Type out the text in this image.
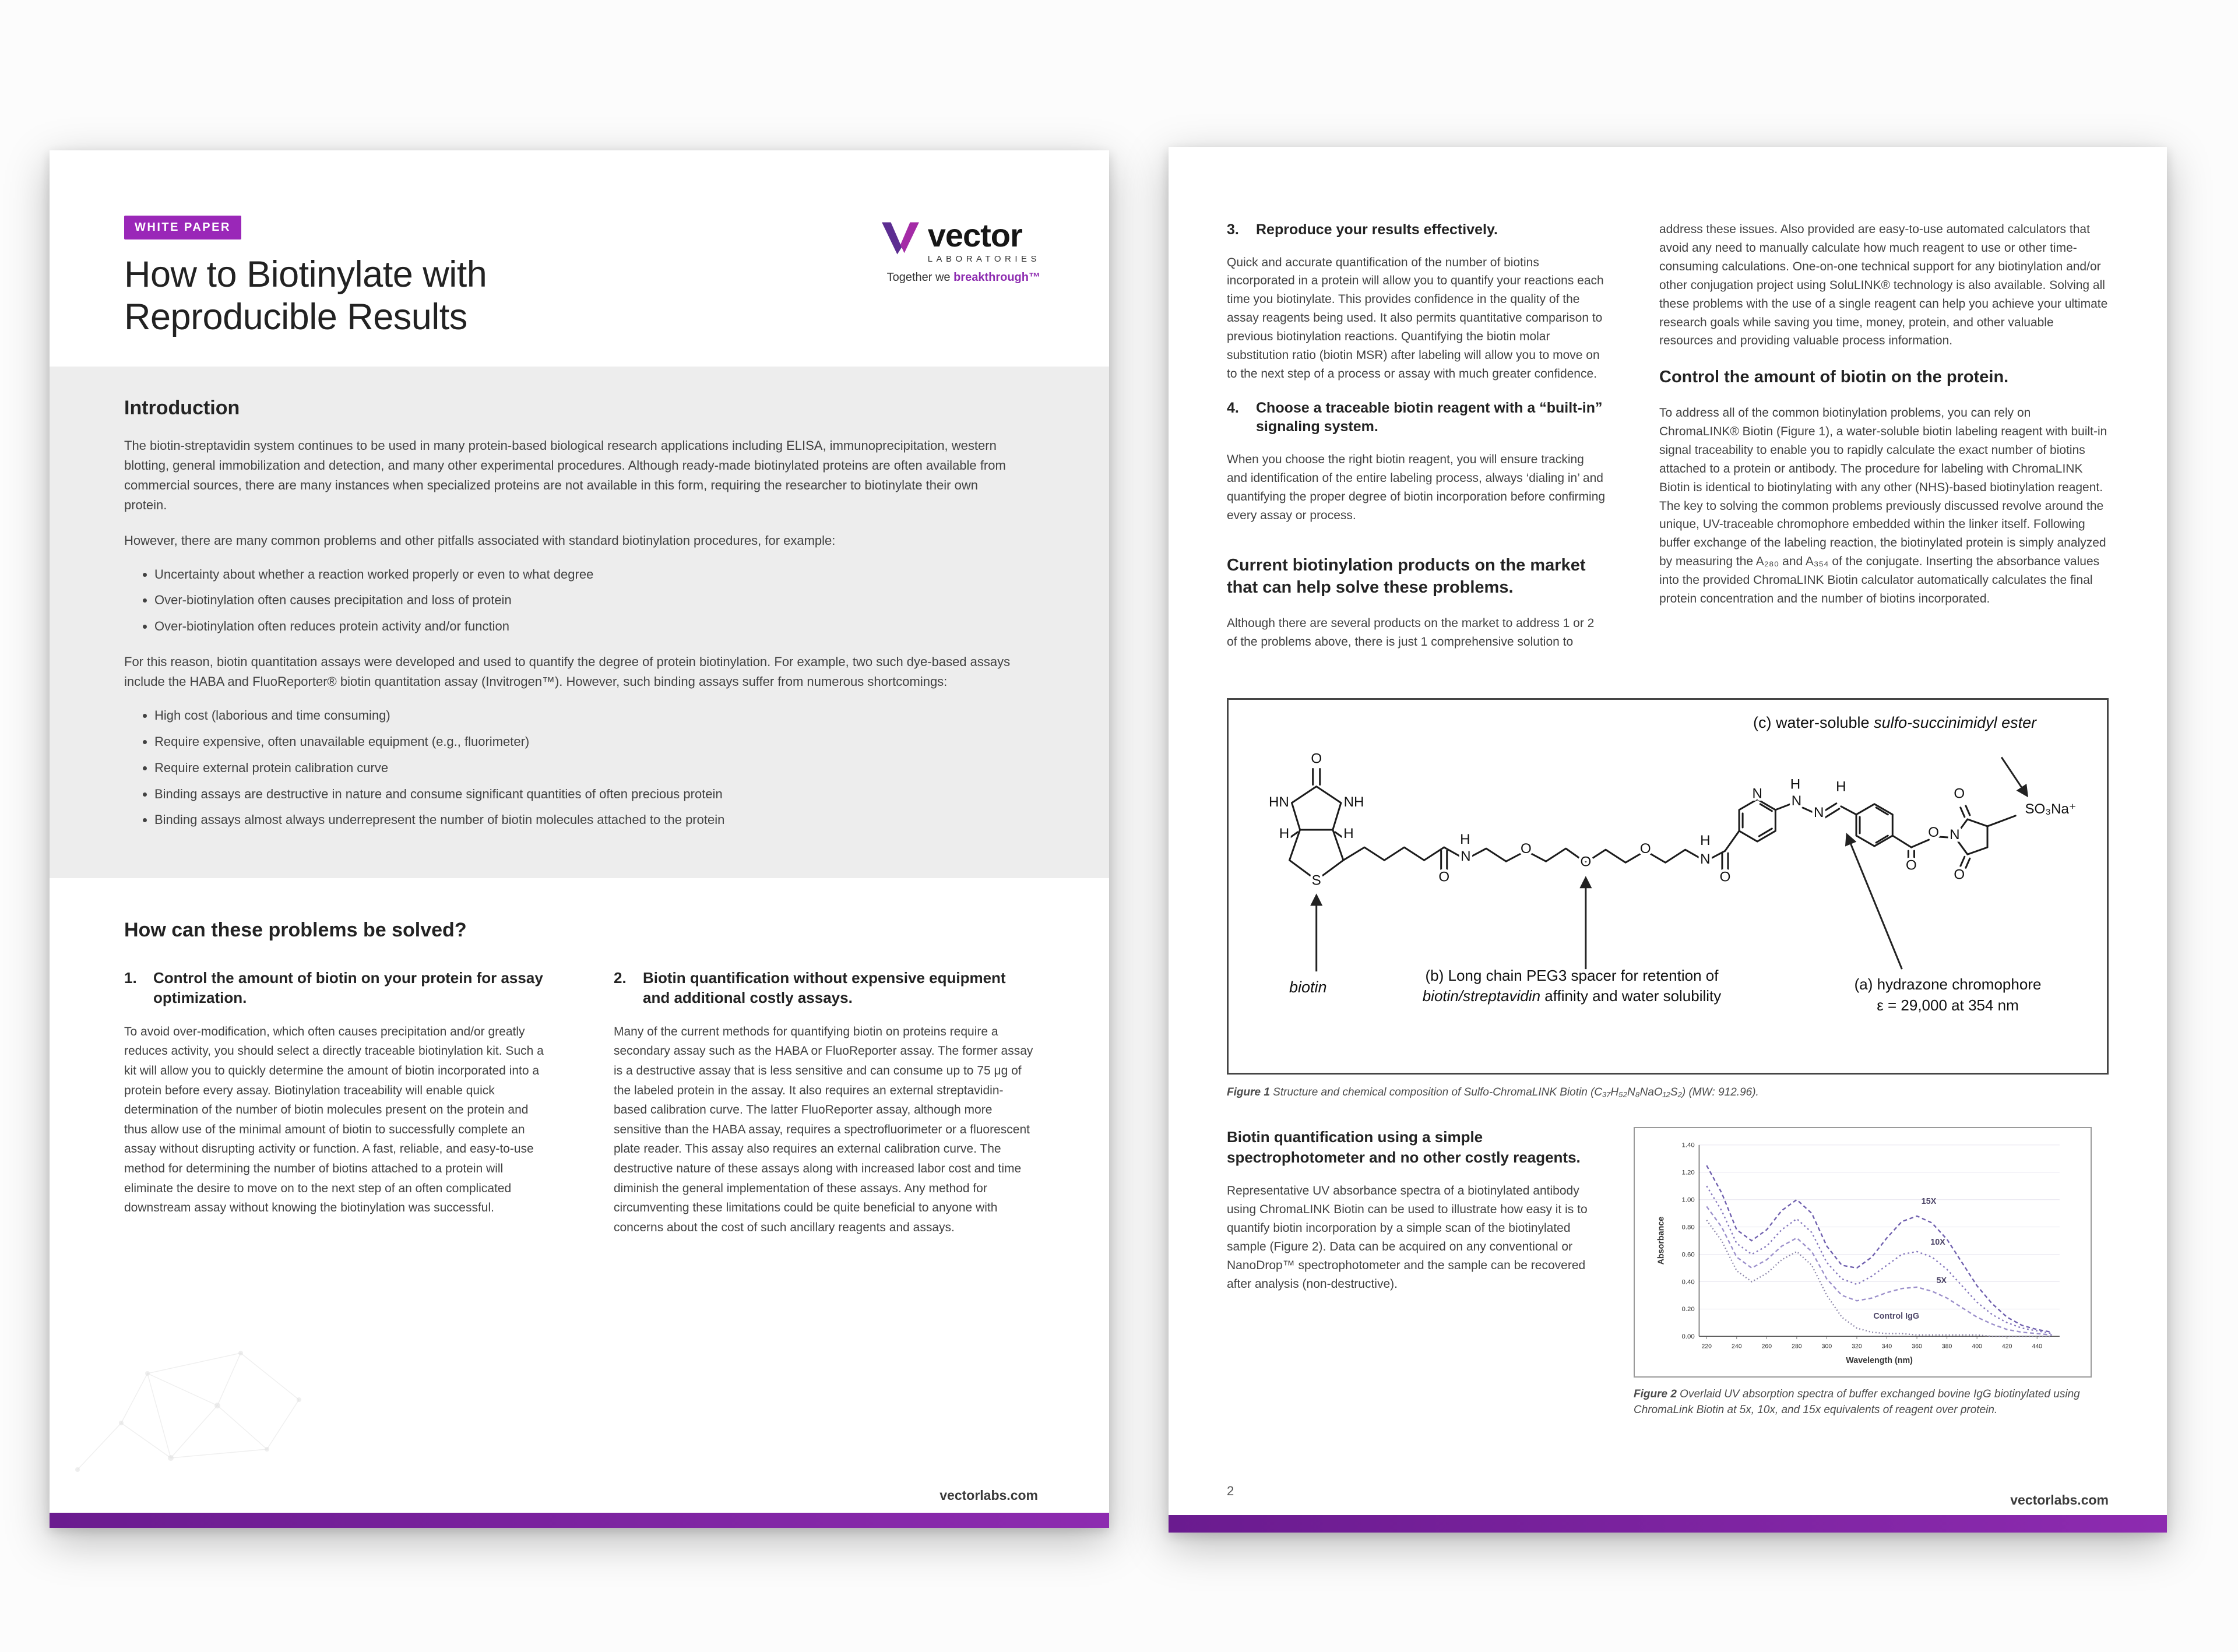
WHITE PAPER
How to Biotinylate with Reproducible Results
vector
LABORATORIES
Together we breakthrough™
Introduction

The biotin-streptavidin system continues to be used in many protein-based biological research applications including ELISA, immunoprecipitation, western blotting, general immobilization and detection, and many other experimental procedures. Although ready-made biotinylated proteins are often available from commercial sources, there are many instances when specialized proteins are not available in this form, requiring the researcher to biotinylate their own protein.

However, there are many common problems and other pitfalls associated with standard biotinylation procedures, for example:

• Uncertainty about whether a reaction worked properly or even to what degree
• Over-biotinylation often causes precipitation and loss of protein
• Over-biotinylation often reduces protein activity and/or function

For this reason, biotin quantitation assays were developed and used to quantify the degree of protein biotinylation. For example, two such dye-based assays include the HABA and FluoReporter® biotin quantitation assay (Invitrogen™). However, such binding assays suffer from numerous shortcomings:

• High cost (laborious and time consuming)
• Require expensive, often unavailable equipment (e.g., fluorimeter)
• Require external protein calibration curve
• Binding assays are destructive in nature and consume significant quantities of often precious protein
• Binding assays almost always underrepresent the number of biotin molecules attached to the protein
How can these problems be solved?
1.	Control the amount of biotin on your protein for assay optimization.
To avoid over-modification, which often causes precipitation and/or greatly reduces activity, you should select a directly traceable biotinylation kit. Such a kit will allow you to quickly determine the amount of biotin incorporated into a protein before every assay. Biotinylation traceability will enable quick determination of the number of biotin molecules present on the protein and thus allow use of the minimal amount of biotin to successfully complete an assay without disrupting activity or function. A fast, reliable, and easy-to-use method for determining the number of biotins attached to a protein will eliminate the desire to move on to the next step of an often complicated downstream assay without knowing the biotinylation was successful.
2.	Biotin quantification without expensive equipment and additional costly assays.
Many of the current methods for quantifying biotin on proteins require a secondary assay such as the HABA or FluoReporter assay. The former assay is a destructive assay that is less sensitive and can consume up to 75 μg of the labeled protein in the assay. It also requires an external streptavidin-based calibration curve. The latter FluoReporter assay, although more sensitive than the HABA assay, requires a spectrofluorimeter or a fluorescent plate reader. This assay also requires an external calibration curve. The destructive nature of these assays along with increased labor cost and time diminish the general implementation of these assays. Any method for circumventing these limitations could be quite beneficial to anyone with concerns about the cost of such ancillary reagents and assays.
vectorlabs.com
3.	Reproduce your results effectively.

Quick and accurate quantification of the number of biotins incorporated in a protein will allow you to quantify your reactions each time you biotinylate. This provides confidence in the quality of the assay reagents being used. It also permits quantitative comparison to previous biotinylation reactions. Quantifying the biotin molar substitution ratio (biotin MSR) after labeling will allow you to move on to the next step of a process or assay with much greater confidence.

4.	Choose a traceable biotin reagent with a “built-in” signaling system.

When you choose the right biotin reagent, you will ensure tracking and identification of the entire labeling process, always ‘dialing in’ and quantifying the proper degree of biotin incorporation before confirming every assay or process.

Current biotinylation products on the market that can help solve these problems.

Although there are several products on the market to address 1 or 2 of the problems above, there is just 1 comprehensive solution to

address these issues. Also provided are easy-to-use automated calculators that avoid any need to manually calculate how much reagent to use or other time-consuming calculations. One-on-one technical support for any biotinylation and/or other conjugation project using SoluLINK® technology is also available. Solving all these problems with the use of a single reagent can help you achieve your ultimate research goals while saving you time, money, protein, and other valuable resources and providing valuable process information.

Control the amount of biotin on the protein.

To address all of the common biotinylation problems, you can rely on ChromaLINK® Biotin (Figure 1), a water-soluble biotin labeling reagent with built-in signal traceability to enable you to rapidly calculate the exact number of biotins attached to a protein or antibody. The procedure for labeling with ChromaLINK Biotin is identical to biotinylating with any other (NHS)-based biotinylation reagent. The key to solving the common problems previously discussed revolve around the unique, UV-traceable chromophore embedded within the linker itself. Following buffer exchange of the labeling reaction, the biotinylated protein is simply analyzed by measuring the A₂₈₀ and A₃₅₄ of the conjugate. Inserting the absorbance values into the provided ChromaLINK Biotin calculator automatically calculates the final protein concentration and the number of biotins incorporated.

O
HN	NH
H	H
S	O
H
N	O
O
O
H
N
O
N
H
N
N
H
O
O N
O
O
SO₃Na⁺
(c) water-soluble sulfo-succinimidyl ester
biotin
(b) Long chain PEG3 spacer for retention of biotin/streptavidin affinity and water solubility
(a) hydrazone chromophore
ε = 29,000 at 354 nm
Figure 1 Structure and chemical composition of Sulfo-ChromaLINK Biotin (C₃₇H₅₂N₈NaO₁₂S₂) (MW: 912.96).
Biotin quantification using a simple spectrophotometer and no other costly reagents.

Representative UV absorbance spectra of a biotinylated antibody using ChromaLINK Biotin can be used to illustrate how easy it is to quantify biotin incorporation by a simple scan of the biotinylated sample (Figure 2). Data can be acquired on any conventional or NanoDrop™ spectrophotometer and the sample can be recovered after analysis (non-destructive).

0.00
0.20
0.40
0.60
0.80
1.00
1.20
1.40
220	240	260	280	300	320	340	360	380	400	420	440
15X
10X
5X
Control IgG
Wavelength (nm)
Absorbance
Figure 2 Overlaid UV absorption spectra of buffer exchanged bovine IgG biotinylated using ChromaLink Biotin at 5x, 10x, and 15x equivalents of reagent over protein.
2
vectorlabs.com
